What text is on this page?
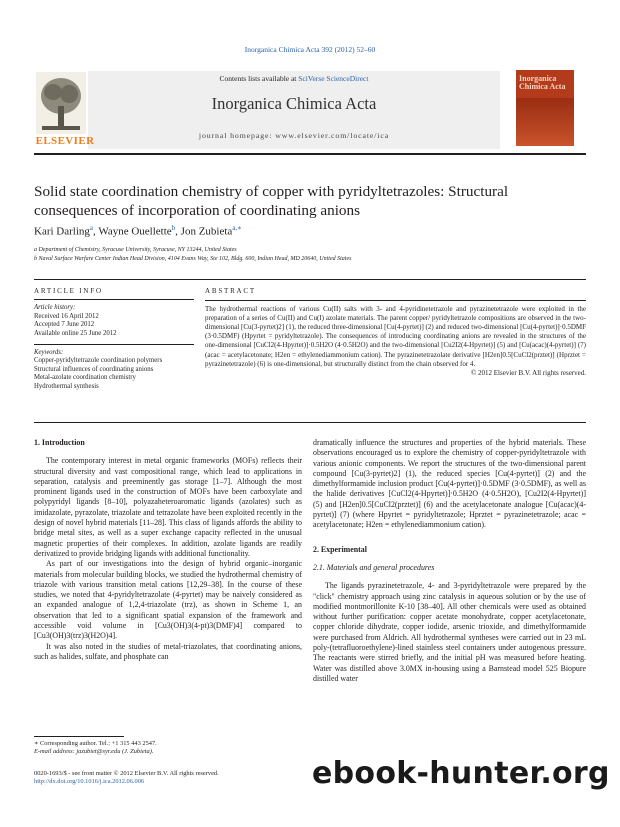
Inorganica Chimica Acta 392 (2012) 52–60
Contents lists available at SciVerse ScienceDirect
Inorganica Chimica Acta
journal homepage: www.elsevier.com/locate/ica
ELSEVIER
Inorganica Chimica Acta
Solid state coordination chemistry of copper with pyridyltetrazoles: Structural consequences of incorporation of coordinating anions
Kari Darling$^a$, Wayne Ouellette$^b$, Jon Zubieta$^{a,∗}$
a Department of Chemistry, Syracuse University, Syracuse, NY 13244, United States
b Naval Surface Warfare Center Indian Head Division, 4104 Evans Way, Ste 102, Bldg. 600, Indian Head, MD 20640, United States
ARTICLE INFO
Article history:
Received 16 April 2012
Accepted 7 June 2012
Available online 25 June 2012
Keywords:
Copper-pyridyltetrazole coordination polymers
Structural influences of coordinating anions
Metal-azolate coordination chemistry
Hydrothermal synthesis
ABSTRACT
The hydrothermal reactions of various Cu(II) salts with 3- and 4-pyridinetetrazole and pyrazinetetrazole were exploited in the preparation of a series of Cu(II) and Cu(I) azolate materials. The parent copper/ pyridyltetrazole compositions are observed in the two-dimensional [Cu(3-pyrtet)2] (1), the reduced three-dimensional [Cu(4-pyrtet)] (2) and reduced two-dimensional [Cu(4-pyrtet)]·0.5DMF (3·0.5DMF) (Hpyrtet = pyridyltetrazole). The consequences of introducing coordinating anions are revealed in the structures of the one-dimensional [CuCl2(4-Hpyrtet)]·0.5H2O (4·0.5H2O) and the two-dimensional [Cu2I2(4-Hpyrtet)] (5) and [Cu(acac)(4-pyrtet)] (7) (acac = acetylacetonate; H2en = ethylenediammonium cation). The pyrazinetetrazolate derivative [H2en]0.5[CuCl2(prztet)] (Hprztet = pyrazinetetrazole) (6) is one-dimensional, but structurally distinct from the chain observed for 4.
© 2012 Elsevier B.V. All rights reserved.
1. Introduction

The contemporary interest in metal organic frameworks (MOFs) reflects their structural diversity and vast compositional range, which lead to applications in separation, catalysis and preeminently gas storage [1–7]. Although the most prominent ligands used in the construction of MOFs have been carboxylate and polypyridyl ligands [8–10], polyazaheteroaromatic ligands (azolates) such as imidazolate, pyrazolate, triazolate and tetrazolate have been exploited recently in the design of novel hybrid materials [11–28]. This class of ligands affords the ability to bridge metal sites, as well as a super exchange capacity reflected in the unusual magnetic properties of their complexes. In addition, azolate ligands are readily derivatized to provide bridging ligands with additional functionality.

As part of our investigations into the design of hybrid organic–inorganic materials from molecular building blocks, we studied the hydrothermal chemistry of triazole with various transition metal cations [12,29–38]. In the course of these studies, we noted that 4-pyridyltetrazolate (4-pyrtet) may be naively considered as an expanded analogue of 1,2,4-triazolate (trz), as shown in Scheme 1, an observation that led to a significant spatial expansion of the framework and accessible void volume in [Cu3(OH)3(4-pt)3(DMF)4] compared to [Cu3(OH)3(trz)3(H2O)4].

It was also noted in the studies of metal-triazolates, that coordinating anions, such as halides, sulfate, and phosphate can

dramatically influence the structures and properties of the hybrid materials. These observations encouraged us to explore the chemistry of copper-pyridyltetrazole with various anionic components. We report the structures of the two-dimensional parent compound [Cu(3-pyrtet)2] (1), the reduced species [Cu(4-pyrtet)] (2) and the dimethylformamide inclusion product [Cu(4-pyrtet)]·0.5DMF (3·0.5DMF), as well as the halide derivatives [CuCl2(4-Hpyrtet)]·0.5H2O (4·0.5H2O), [Cu2I2(4-Hpyrtet)] (5) and [H2en]0.5[CuCl2(prztet)] (6) and the acetylacetonate analogue [Cu(acac)(4-pyrtet)] (7) (where Hpyrtet = pyridyltetrazole; Hprztet = pyrazinetetrazole; acac = acetylacetonate; H2en = ethylenediammonium cation).

2. Experimental
2.1. Materials and general procedures

The ligands pyrazinetetrazole, 4- and 3-pyridyltetrazole were prepared by the "click" chemistry approach using zinc catalysis in aqueous solution or by the use of modified montmorillonite K-10 [38–40]. All other chemicals were used as obtained without further purification: copper acetate monohydrate, copper acetylacetonate, copper chloride dihydrate, copper iodide, arsenic trioxide, and dimethylformamide were purchased from Aldrich. All hydrothermal syntheses were carried out in 23 mL poly-(tetrafluoroethylene)-lined stainless steel containers under autogenous pressure. The reactants were stirred briefly, and the initial pH was measured before heating. Water was distilled above 3.0MX in-housing using a Barnstead model 525 Biopure distilled water

∗ Corresponding author. Tel.: +1 315 443 2547.
E-mail address: jazubiet@syr.edu (J. Zubieta).
0020-1693/$ - see front matter © 2012 Elsevier B.V. All rights reserved.
http://dx.doi.org/10.1016/j.ica.2012.06.006	ebook-hunter.org
